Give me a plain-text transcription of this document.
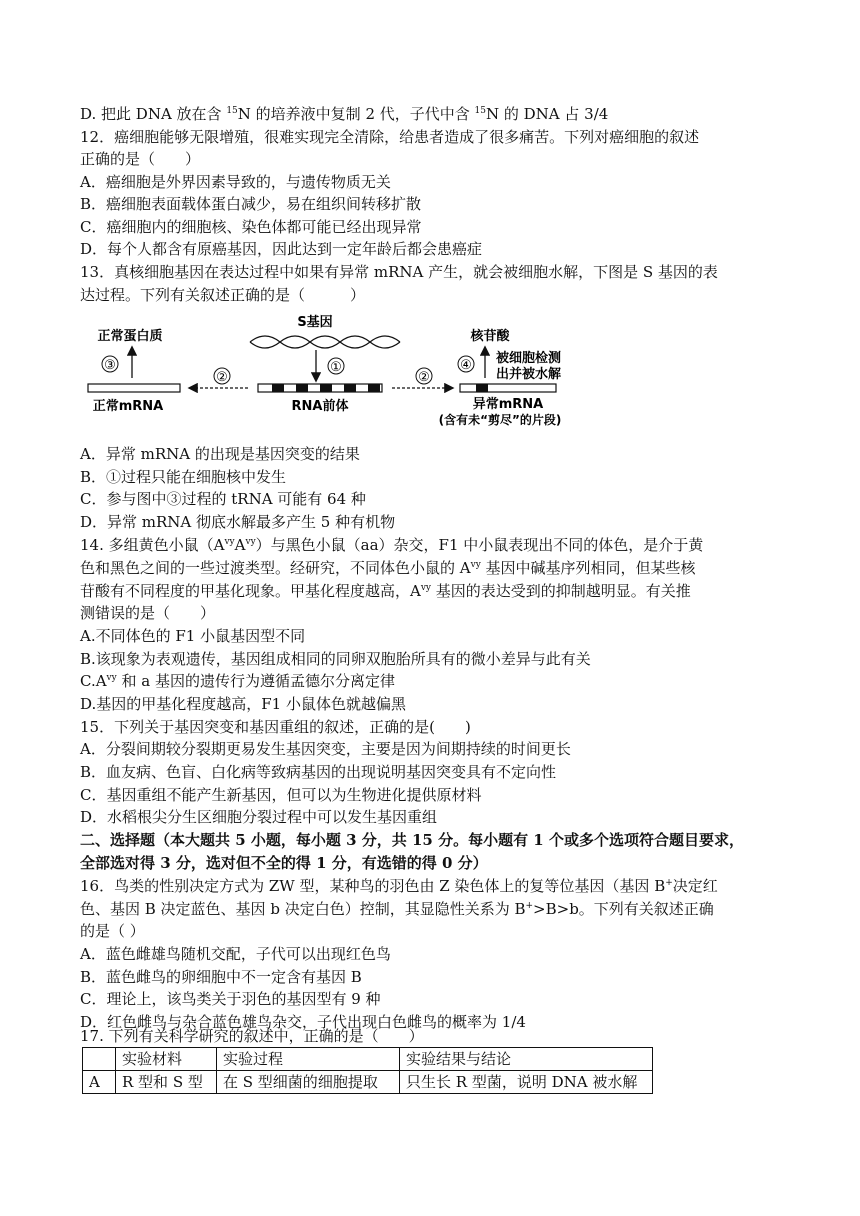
D. 把此 DNA 放在含 $^{15}$N 的培养液中复制 2 代，子代中含 $^{15}$N 的 DNA 占 3/4
12．癌细胞能够无限增殖，很难实现完全清除，给患者造成了很多痛苦。下列对癌细胞的叙述
正确的是（　　）
A．癌细胞是外界因素导致的，与遗传物质无关
B．癌细胞表面载体蛋白减少，易在组织间转移扩散
C．癌细胞内的细胞核、染色体都可能已经出现异常
D．每个人都含有原癌基因，因此达到一定年龄后都会患癌症
13．真核细胞基因在表达过程中如果有异常 mRNA 产生，就会被细胞水解，下图是 S 基因的表
达过程。下列有关叙述正确的是（　　　）
S基因
①
RNA前体
②
正常mRNA
③
正常蛋白质
②
异常mRNA
(含有未“剪尽”的片段)
④
核苷酸
被细胞检测
出并被水解
A．异常 mRNA 的出现是基因突变的结果
B．①过程只能在细胞核中发生
C．参与图中③过程的 tRNA 可能有 64 种
D．异常 mRNA 彻底水解最多产生 5 种有机物
14. 多组黄色小鼠$(A^{vy}A^{vy})$与黑色小鼠（aa）杂交，F1 中小鼠表现出不同的体色，是介于黄
色和黑色之间的一些过渡类型。经研究，不同体色小鼠的 $A^{vy}$ 基因中碱基序列相同，但某些核
苷酸有不同程度的甲基化现象。甲基化程度越高，$A^{vy}$ 基因的表达受到的抑制越明显。有关推
测错误的是（　　）
A.不同体色的 F1 小鼠基因型不同
B.该现象为表观遗传，基因组成相同的同卵双胞胎所具有的微小差异与此有关
$C.A^{vy}$ 和 a 基因的遗传行为遵循孟德尔分离定律
D.基因的甲基化程度越高，F1 小鼠体色就越偏黑
15．下列关于基因突变和基因重组的叙述，正确的是(　　)
A．分裂间期较分裂期更易发生基因突变，主要是因为间期持续的时间更长
B．血友病、色盲、白化病等致病基因的出现说明基因突变具有不定向性
C．基因重组不能产生新基因，但可以为生物进化提供原材料
D．水稻根尖分生区细胞分裂过程中可以发生基因重组
二、选择题（本大题共 5 小题，每小题 3 分，共 15 分。每小题有 1 个或多个选项符合题目要求，
全部选对得 3 分，选对但不全的得 1 分，有选错的得 0 分）
16．鸟类的性别决定方式为 ZW 型，某种鸟的羽色由 Z 染色体上的复等位基因（基因 B+决定红
色、基因 B 决定蓝色、基因 b 决定白色）控制，其显隐性关系为 B+>B>b。下列有关叙述正确
的是（ ）
A．蓝色雌雄鸟随机交配，子代可以出现红色鸟
B．蓝色雌鸟的卵细胞中不一定含有基因 B
C．理论上，该鸟类关于羽色的基因型有 9 种
D．红色雌鸟与杂合蓝色雄鸟杂交，子代出现白色雌鸟的概率为 1/4
17. 下列有关科学研究的叙述中，正确的是（　　）
	实验材料	实验过程	实验结果与结论
A	R 型和 S 型	在 S 型细菌的细胞提取	只生长 R 型菌，说明 DNA 被水解
